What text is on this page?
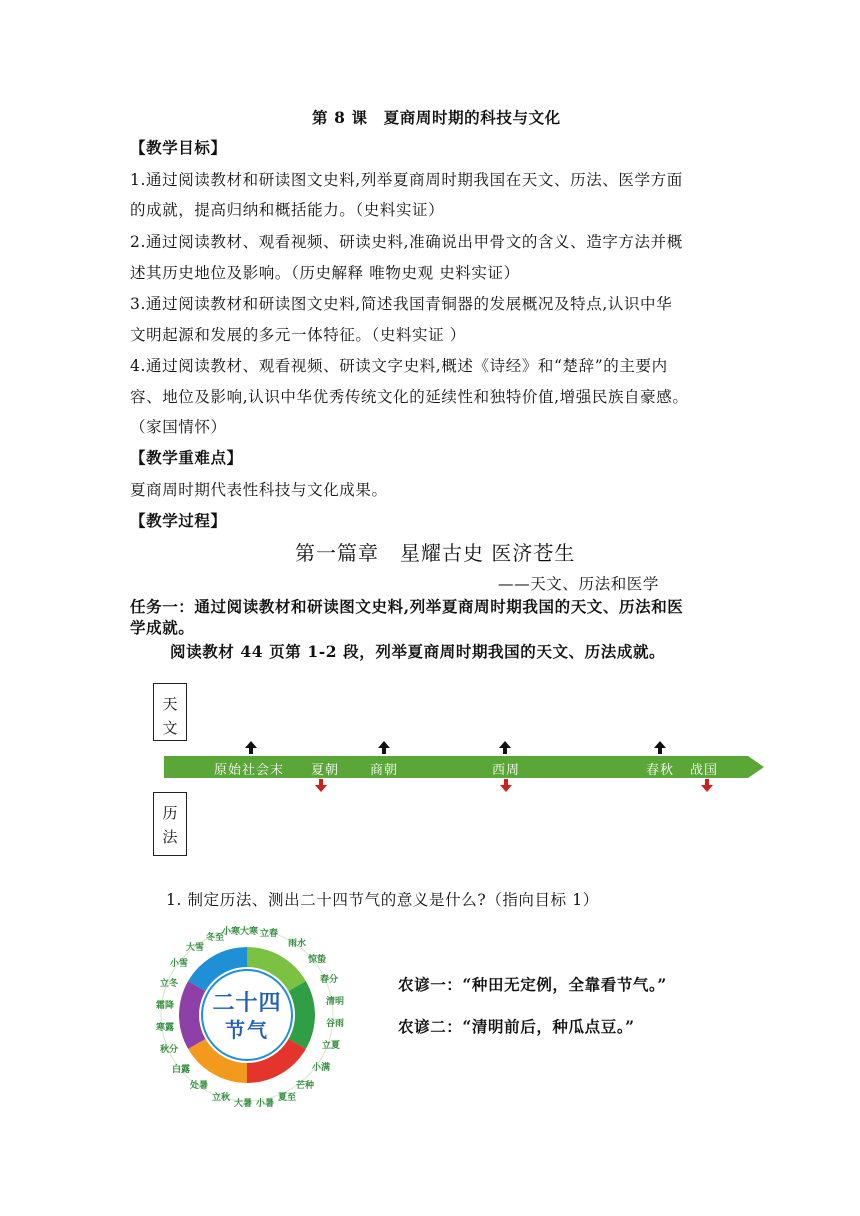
第 8 课　夏商周时期的科技与文化
【教学目标】
1.通过阅读教材和研读图文史料,列举夏商周时期我国在天文、历法、医学方面
的成就，提高归纳和概括能力。（史料实证）
2.通过阅读教材、观看视频、研读史料,准确说出甲骨文的含义、造字方法并概
述其历史地位及影响。（历史解释 唯物史观 史料实证）
3.通过阅读教材和研读图文史料,简述我国青铜器的发展概况及特点,认识中华
文明起源和发展的多元一体特征。（史料实证 ）
4.通过阅读教材、观看视频、研读文字史料,概述《诗经》和“楚辞”的主要内
容、地位及影响,认识中华优秀传统文化的延续性和独特价值,增强民族自豪感。
（家国情怀）
【教学重难点】
夏商周时期代表性科技与文化成果。
【教学过程】
第一篇章　星耀古史 医济苍生
——天文、历法和医学
任务一：通过阅读教材和研读图文史料,列举夏商周时期我国的天文、历法和医
学成就。
阅读教材 44 页第 1-2 段，列举夏商周时期我国的天文、历法成就。
天
文
历
法
原始社会末 夏朝 商朝	西周	春秋 战国
1. 制定历法、测出二十四节气的意义是什么?（指向目标 1）
二十四
节气
立春
雨水
惊蛰
春分
清明
谷雨
立夏
小满
芒种
夏至
小暑
大暑
立秋
处暑
白露
秋分
寒露
霜降
立冬
小雪
大雪
冬至
小寒 大寒
农谚一：“种田无定例，全靠看节气。”
农谚二：“清明前后，种瓜点豆。”
